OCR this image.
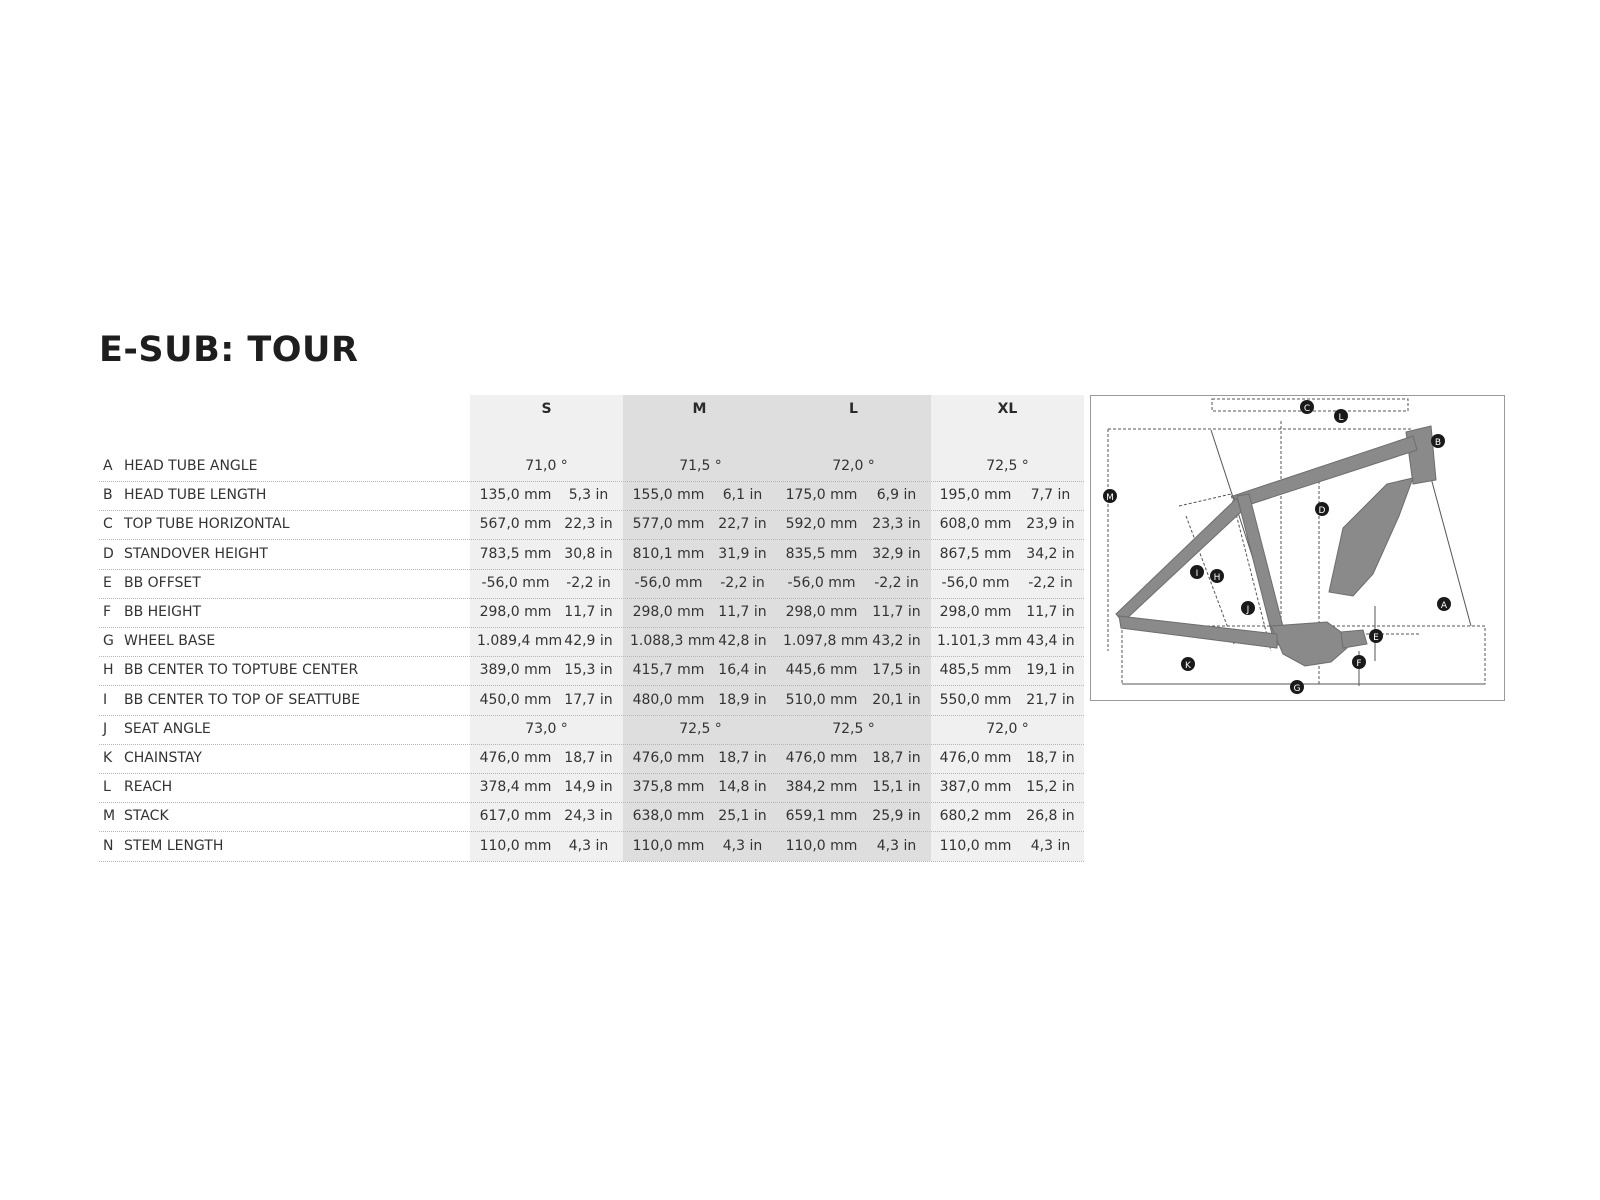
E-SUB: TOUR
S	M	L	XL
A HEAD TUBE ANGLE	71,0 °	71,5 °	72,0 °	72,5 °
B HEAD TUBE LENGTH	135,0 mm	5,3 in	155,0 mm	6,1 in	175,0 mm	6,9 in	195,0 mm	7,7 in
C TOP TUBE HORIZONTAL	567,0 mm 22,3 in	577,0 mm 22,7 in	592,0 mm	23,3 in	608,0 mm	23,9 in
D STANDOVER HEIGHT	783,5 mm 30,8 in	810,1 mm 31,9 in	835,5 mm	32,9 in	867,5 mm	34,2 in
E BB OFFSET	-56,0 mm	-2,2 in	-56,0 mm	-2,2 in	-56,0 mm	-2,2 in	-56,0 mm	-2,2 in
F BB HEIGHT	298,0 mm 11,7 in	298,0 mm 11,7 in	298,0 mm	11,7 in	298,0 mm	11,7 in
G WHEEL BASE	1.089,4 mm 42,9 in	1.088,3 mm 42,8 in	1.097,8 mm 43,2 in	1.101,3 mm 43,4 in
H BB CENTER TO TOPTUBE CENTER	389,0 mm 15,3 in	415,7 mm 16,4 in	445,6 mm	17,5 in	485,5 mm	19,1 in
I BB CENTER TO TOP OF SEATTUBE	450,0 mm 17,7 in	480,0 mm 18,9 in	510,0 mm	20,1 in	550,0 mm	21,7 in
J SEAT ANGLE	73,0 °	72,5 °	72,5 °	72,0 °
K CHAINSTAY	476,0 mm 18,7 in	476,0 mm 18,7 in	476,0 mm	18,7 in	476,0 mm	18,7 in
L REACH	378,4 mm 14,9 in	375,8 mm 14,8 in	384,2 mm	15,1 in	387,0 mm	15,2 in
M STACK	617,0 mm 24,3 in	638,0 mm 25,1 in	659,1 mm	25,9 in	680,2 mm	26,8 in
N STEM LENGTH	110,0 mm	4,3 in	110,0 mm	4,3 in	110,0 mm	4,3 in	110,0 mm	4,3 in
C
L
B
M
D
I H
A
J
E
K	F
G
